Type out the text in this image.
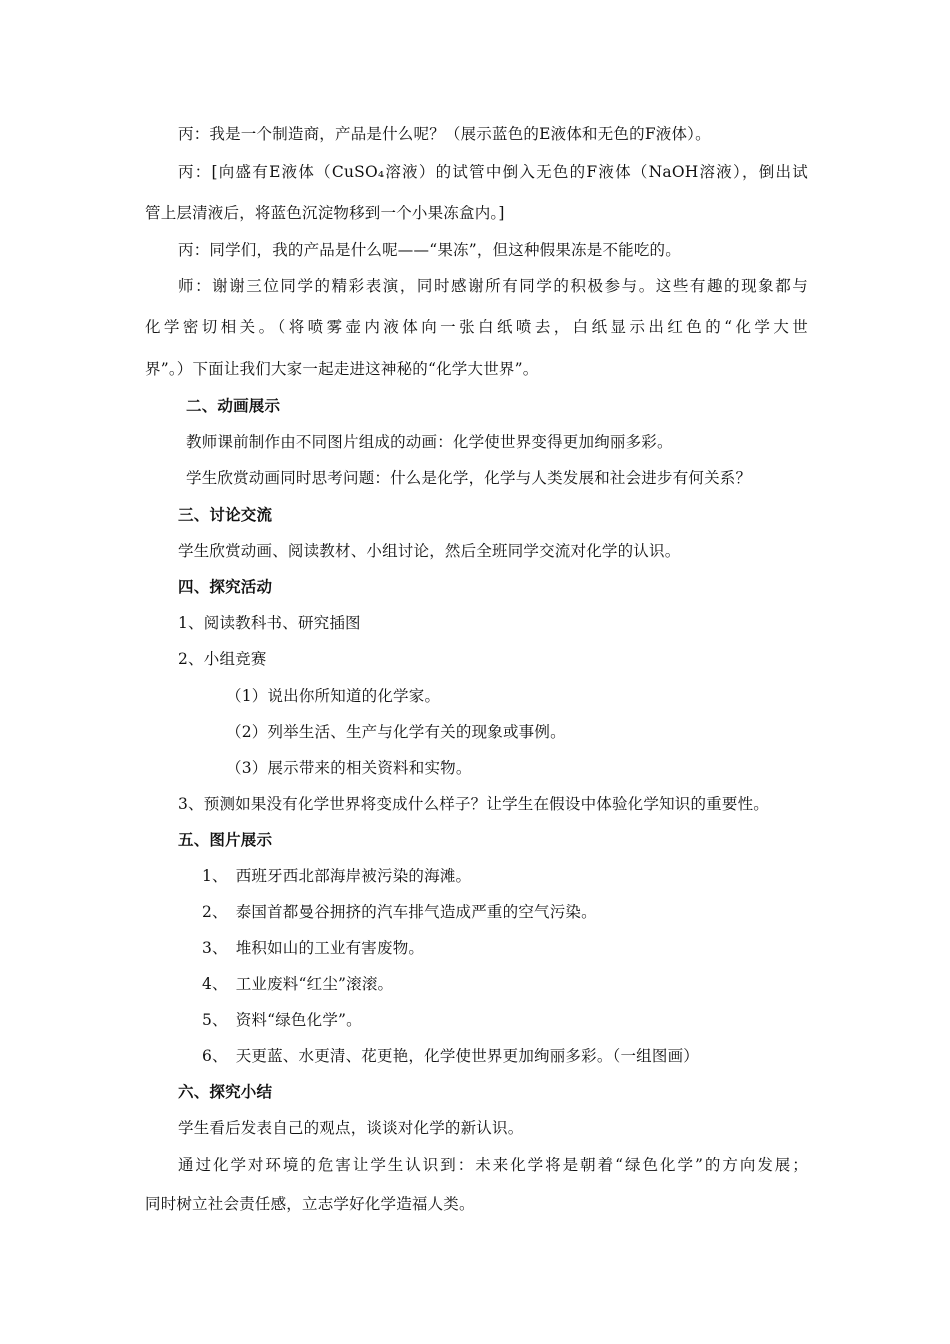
丙：我是一个制造商，产品是什么呢？（展示蓝色的E液体和无色的F液体）。
丙：[向盛有E液体（CuSO₄溶液）的试管中倒入无色的F液体（NaOH溶液），倒出试
管上层清液后，将蓝色沉淀物移到一个小果冻盒内。]
丙：同学们，我的产品是什么呢——“果冻”，但这种假果冻是不能吃的。
师：谢谢三位同学的精彩表演，同时感谢所有同学的积极参与。这些有趣的现象都与
化学密切相关。（将喷雾壶内液体向一张白纸喷去，白纸显示出红色的“化学大世
界”。）下面让我们大家一起走进这神秘的“化学大世界”。
二、动画展示
教师课前制作由不同图片组成的动画：化学使世界变得更加绚丽多彩。
学生欣赏动画同时思考问题：什么是化学，化学与人类发展和社会进步有何关系？
三、讨论交流
学生欣赏动画、阅读教材、小组讨论，然后全班同学交流对化学的认识。
四、探究活动
1、阅读教科书、研究插图
2、小组竞赛
（1）说出你所知道的化学家。
（2）列举生活、生产与化学有关的现象或事例。
（3）展示带来的相关资料和实物。
3、预测如果没有化学世界将变成什么样子？让学生在假设中体验化学知识的重要性。
五、图片展示
1、　西班牙西北部海岸被污染的海滩。
2、　泰国首都曼谷拥挤的汽车排气造成严重的空气污染。
3、　堆积如山的工业有害废物。
4、　工业废料“红尘”滚滚。
5、　资料“绿色化学”。
6、　天更蓝、水更清、花更艳，化学使世界更加绚丽多彩。（一组图画）
六、探究小结
学生看后发表自己的观点，谈谈对化学的新认识。
通过化学对环境的危害让学生认识到：未来化学将是朝着“绿色化学”的方向发展；
同时树立社会责任感，立志学好化学造福人类。
